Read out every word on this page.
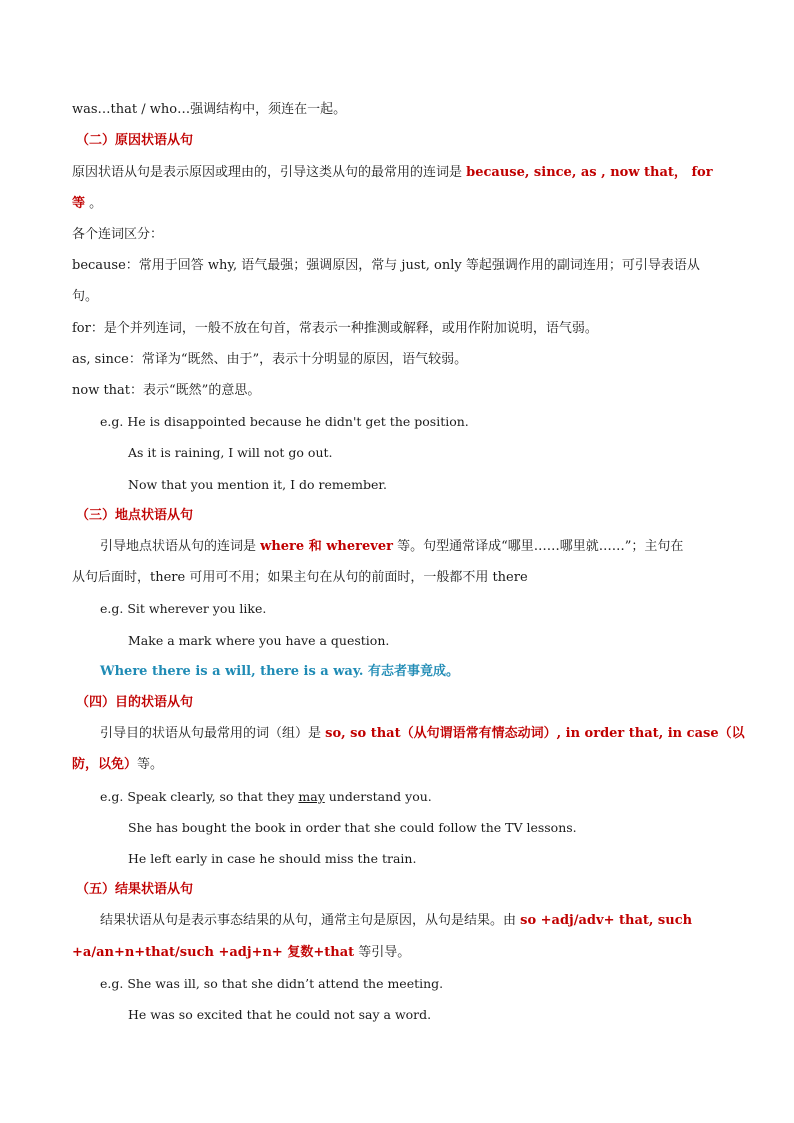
was…that / who…强调结构中，须连在一起。
（二）原因状语从句
原因状语从句是表示原因或理由的，引导这类从句的最常用的连词是 because, since, as , now that， for
等 。
各个连词区分：
because：常用于回答 why, 语气最强；强调原因，常与 just, only 等起强调作用的副词连用；可引导表语从
句。
for：是个并列连词，一般不放在句首，常表示一种推测或解释，或用作附加说明，语气弱。
as, since：常译为“既然、由于”，表示十分明显的原因，语气较弱。
now that：表示“既然”的意思。
e.g. He is disappointed because he didn't get the position.
As it is raining, I will not go out.
Now that you mention it, I do remember.
（三）地点状语从句
引导地点状语从句的连词是 where 和 wherever 等。句型通常译成“哪里……哪里就……”；主句在
从句后面时，there 可用可不用；如果主句在从句的前面时，一般都不用 there
e.g. Sit wherever you like.
Make a mark where you have a question.
Where there is a will, there is a way. 有志者事竟成。
（四）目的状语从句
引导目的状语从句最常用的词（组）是 so, so that（从句谓语常有情态动词）, in order that, in case（以
防，以免）等。
e.g. Speak clearly, so that they may understand you.
She has bought the book in order that she could follow the TV lessons.
He left early in case he should miss the train.
（五）结果状语从句
结果状语从句是表示事态结果的从句，通常主句是原因，从句是结果。由 so +adj/adv+ that, such
+a/an+n+that/such +adj+n+ 复数+that 等引导。
e.g. She was ill, so that she didn’t attend the meeting.
He was so excited that he could not say a word.
